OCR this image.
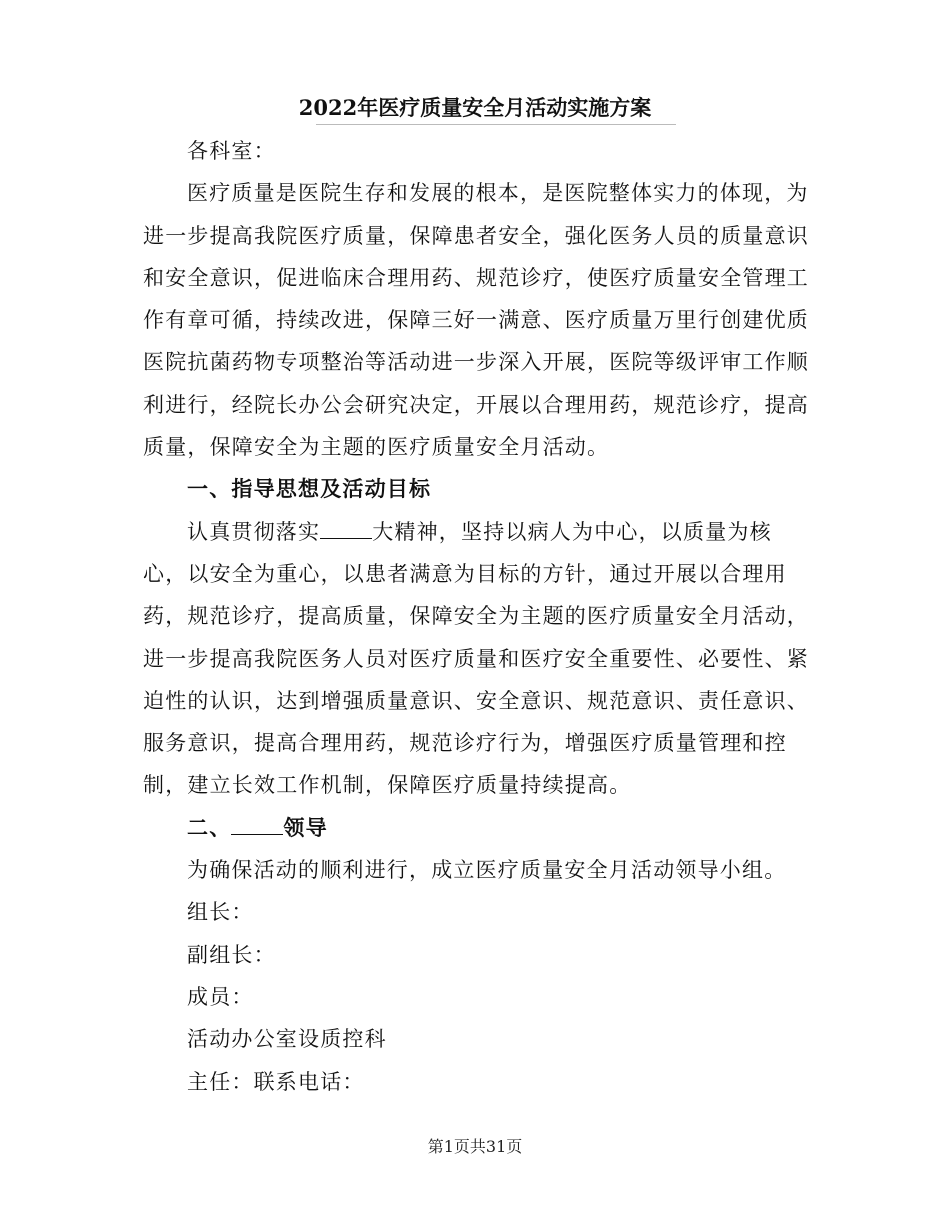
2022年医疗质量安全月活动实施方案

各科室：

医疗质量是医院生存和发展的根本，是医院整体实力的体现，为进一步提高我院医疗质量，保障患者安全，强化医务人员的质量意识和安全意识，促进临床合理用药、规范诊疗，使医疗质量安全管理工作有章可循，持续改进，保障三好一满意、医疗质量万里行创建优质医院抗菌药物专项整治等活动进一步深入开展，医院等级评审工作顺利进行，经院长办公会研究决定，开展以合理用药，规范诊疗，提高质量，保障安全为主题的医疗质量安全月活动。

一、指导思想及活动目标

认真贯彻落实 大精神，坚持以病人为中心，以质量为核心，以安全为重心，以患者满意为目标的方针，通过开展以合理用药，规范诊疗，提高质量，保障安全为主题的医疗质量安全月活动，进一步提高我院医务人员对医疗质量和医疗安全重要性、必要性、紧迫性的认识，达到增强质量意识、安全意识、规范意识、责任意识、服务意识，提高合理用药，规范诊疗行为，增强医疗质量管理和控制，建立长效工作机制，保障医疗质量持续提高。

二、 领导

为确保活动的顺利进行，成立医疗质量安全月活动领导小组。

组长：

副组长：

成员：

活动办公室设质控科

主任：联系电话：

第1页共31页
